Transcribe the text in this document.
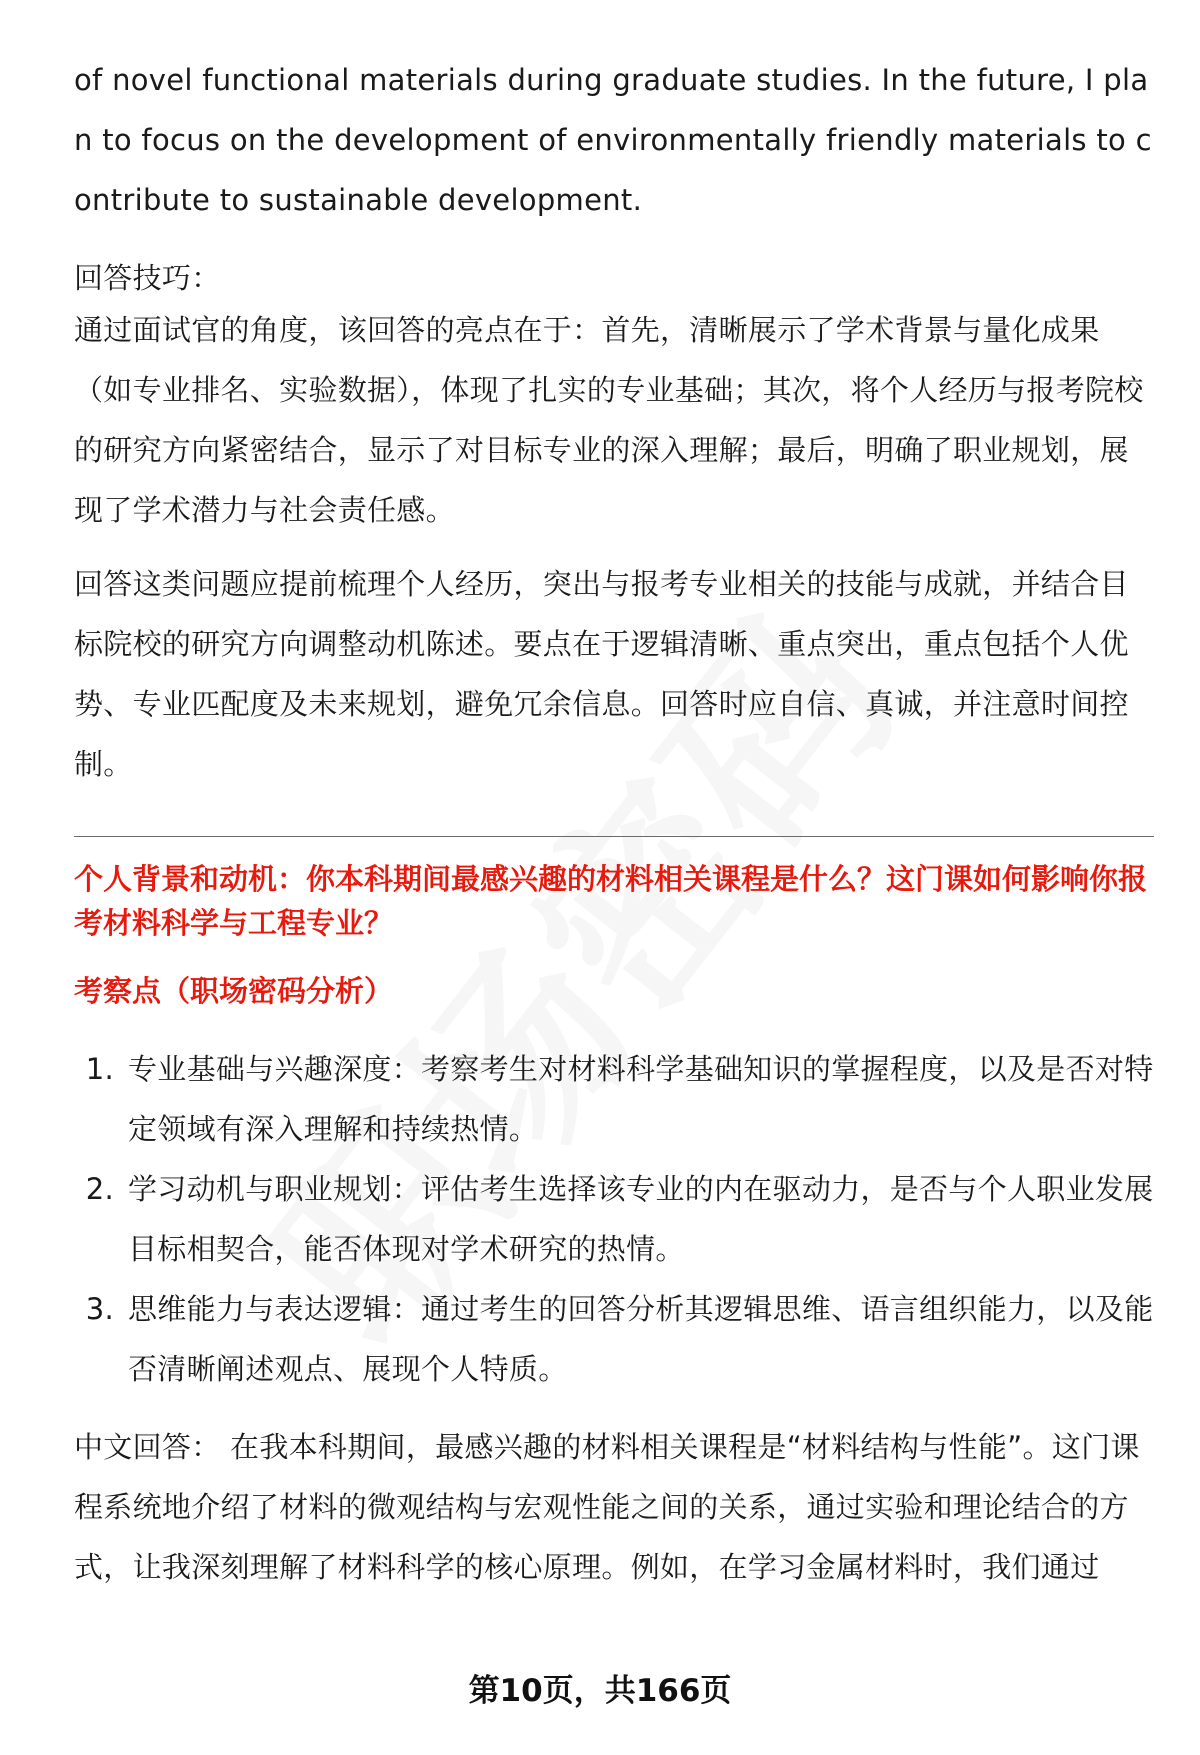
of novel functional materials during graduate studies. In the future, I plan to focus on the development of environmentally friendly materials to contribute to sustainable development.

回答技巧：

通过面试官的角度，该回答的亮点在于：首先，清晰展示了学术背景与量化成果（如专业排名、实验数据），体现了扎实的专业基础；其次，将个人经历与报考院校的研究方向紧密结合，显示了对目标专业的深入理解；最后，明确了职业规划，展现了学术潜力与社会责任感。

回答这类问题应提前梳理个人经历，突出与报考专业相关的技能与成就，并结合目标院校的研究方向调整动机陈述。要点在于逻辑清晰、重点突出，重点包括个人优势、专业匹配度及未来规划，避免冗余信息。回答时应自信、真诚，并注意时间控制。

个人背景和动机：你本科期间最感兴趣的材料相关课程是什么？这门课如何影响你报考材料科学与工程专业？

考察点（职场密码分析）

1. 专业基础与兴趣深度：考察考生对材料科学基础知识的掌握程度，以及是否对特定领域有深入理解和持续热情。
2. 学习动机与职业规划：评估考生选择该专业的内在驱动力，是否与个人职业发展目标相契合，能否体现对学术研究的热情。
3. 思维能力与表达逻辑：通过考生的回答分析其逻辑思维、语言组织能力，以及能否清晰阐述观点、展现个人特质。

中文回答： 在我本科期间，最感兴趣的材料相关课程是“材料结构与性能”。这门课程系统地介绍了材料的微观结构与宏观性能之间的关系，通过实验和理论结合的方式，让我深刻理解了材料科学的核心原理。例如，在学习金属材料时，我们通过

第10页，共166页
